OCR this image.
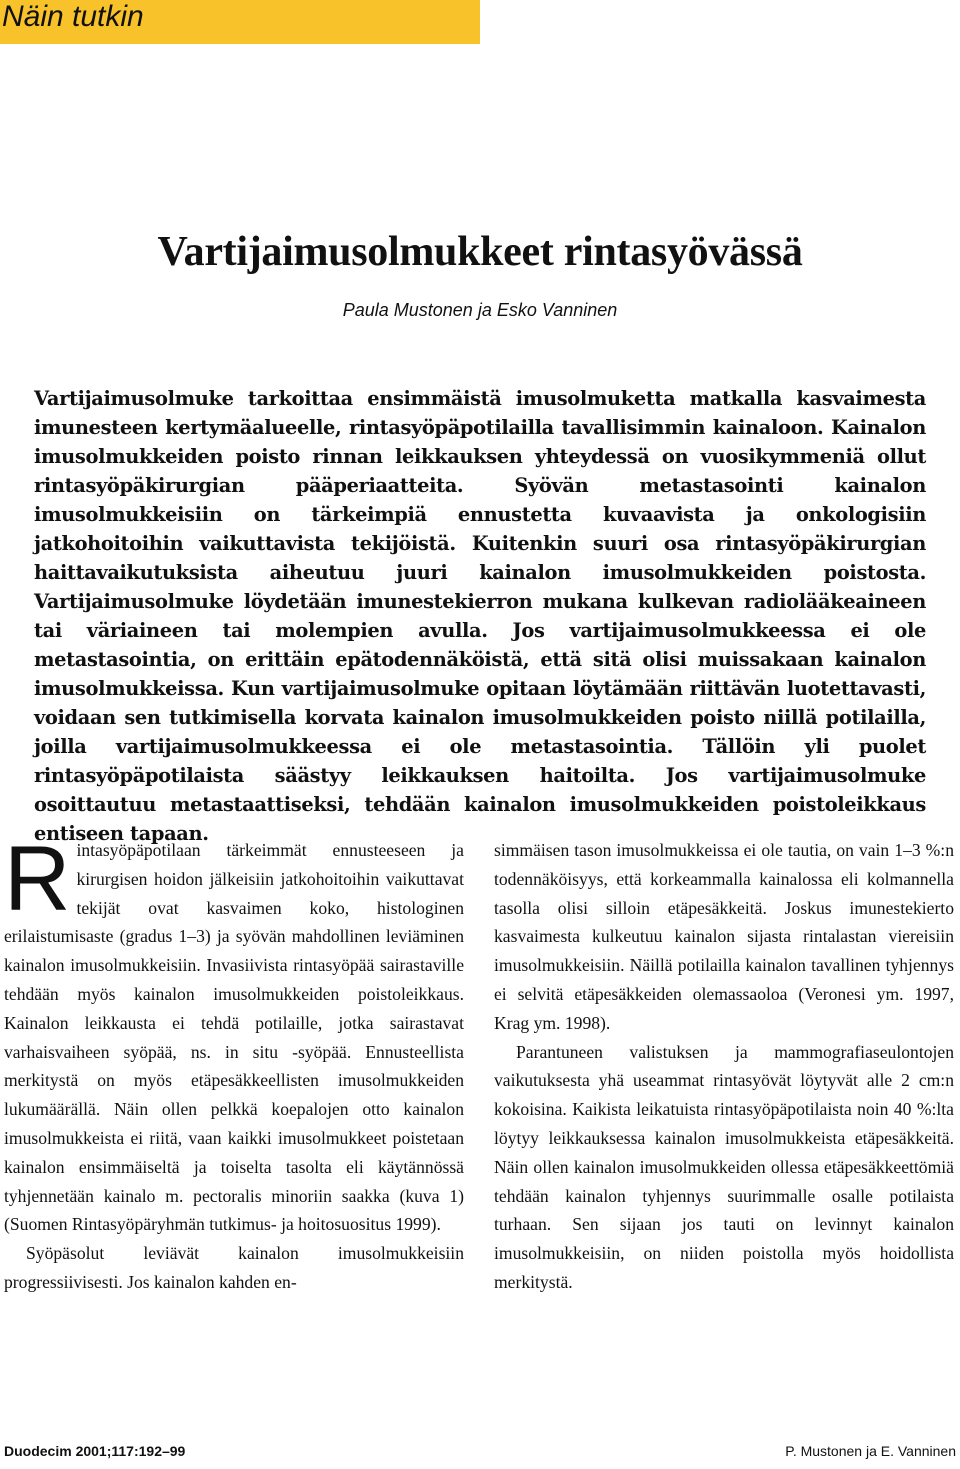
Näin tutkin
Vartijaimusolmukkeet rintasyövässä
Paula Mustonen ja Esko Vanninen

Vartijaimusolmuke tarkoittaa ensimmäistä imusolmuketta matkalla kasvaimesta imunesteen kertymäalueelle, rintasyöpäpotilailla tavallisimmin kainaloon. Kainalon imusolmukkeiden poisto rinnan leikkauksen yhteydessä on vuosikymmeniä ollut rintasyöpäkirurgian pääperiaatteita. Syövän metastasointi kainalon imusolmukkeisiin on tärkeimpiä ennustetta kuvaavista ja onkologisiin jatkohoitoihin vaikuttavista tekijöistä. Kuitenkin suuri osa rintasyöpäkirurgian haittavaikutuksista aiheutuu juuri kainalon imusolmukkeiden poistosta. Vartijaimusolmuke löydetään imunestekierron mukana kulkevan radiolääkeaineen tai väriaineen tai molempien avulla. Jos vartijaimusolmukkeessa ei ole metastasointia, on erittäin epätodennäköistä, että sitä olisi muissakaan kainalon imusolmukkeissa. Kun vartijaimusolmuke opitaan löytämään riittävän luotettavasti, voidaan sen tutkimisella korvata kainalon imusolmukkeiden poisto niillä potilailla, joilla vartijaimusolmukkeessa ei ole metastasointia. Tällöin yli puolet rintasyöpäpotilaista säästyy leikkauksen haitoilta. Jos vartijaimusolmuke osoittautuu metastaattiseksi, tehdään kainalon imusolmukkeiden poistoleikkaus entiseen tapaan.

Rintasyöpäpotilaan tärkeimmät ennusteeseen ja kirurgisen hoidon jälkeisiin jatkohoitoihin vaikuttavat tekijät ovat kasvaimen koko, histologinen erilaistumisaste (gradus 1–3) ja syövän mahdollinen leviäminen kainalon imusolmukkeisiin. Invasiivista rintasyöpää sairastaville tehdään myös kainalon imusolmukkeiden poistoleikkaus. Kainalon leikkausta ei tehdä potilaille, jotka sairastavat varhaisvaiheen syöpää, ns. in situ -syöpää. Ennusteellista merkitystä on myös etäpesäkkeellisten imusolmukkeiden lukumäärällä. Näin ollen pelkkä koepalojen otto kainalon imusolmukkeista ei riitä, vaan kaikki imusolmukkeet poistetaan kainalon ensimmäiseltä ja toiselta tasolta eli käytännössä tyhjennetään kainalo m. pectoralis minoriin saakka (kuva 1) (Suomen Rintasyöpäryhmän tutkimus- ja hoitosuositus 1999).

Syöpäsolut leviävät kainalon imusolmukkeisiin progressiivisesti. Jos kainalon kahden en-

simmäisen tason imusolmukkeissa ei ole tautia, on vain 1–3 %:n todennäköisyys, että korkeammalla kainalossa eli kolmannella tasolla olisi silloin etäpesäkkeitä. Joskus imunestekierto kasvaimesta kulkeutuu kainalon sijasta rintalastan viereisiin imusolmukkeisiin. Näillä potilailla kainalon tavallinen tyhjennys ei selvitä etäpesäkkeiden olemassaoloa (Veronesi ym. 1997, Krag ym. 1998).

Parantuneen valistuksen ja mammografiaseulontojen vaikutuksesta yhä useammat rintasyövät löytyvät alle 2 cm:n kokoisina. Kaikista leikatuista rintasyöpäpotilaista noin 40 %:lta löytyy leikkauksessa kainalon imusolmukkeista etäpesäkkeitä. Näin ollen kainalon imusolmukkeiden ollessa etäpesäkkeettömiä tehdään kainalon tyhjennys suurimmalle osalle potilaista turhaan. Sen sijaan jos tauti on levinnyt kainalon imusolmukkeisiin, on niiden poistolla myös hoidollista merkitystä.

Duodecim 2001;117:192–99	P. Mustonen ja E. Vanninen
